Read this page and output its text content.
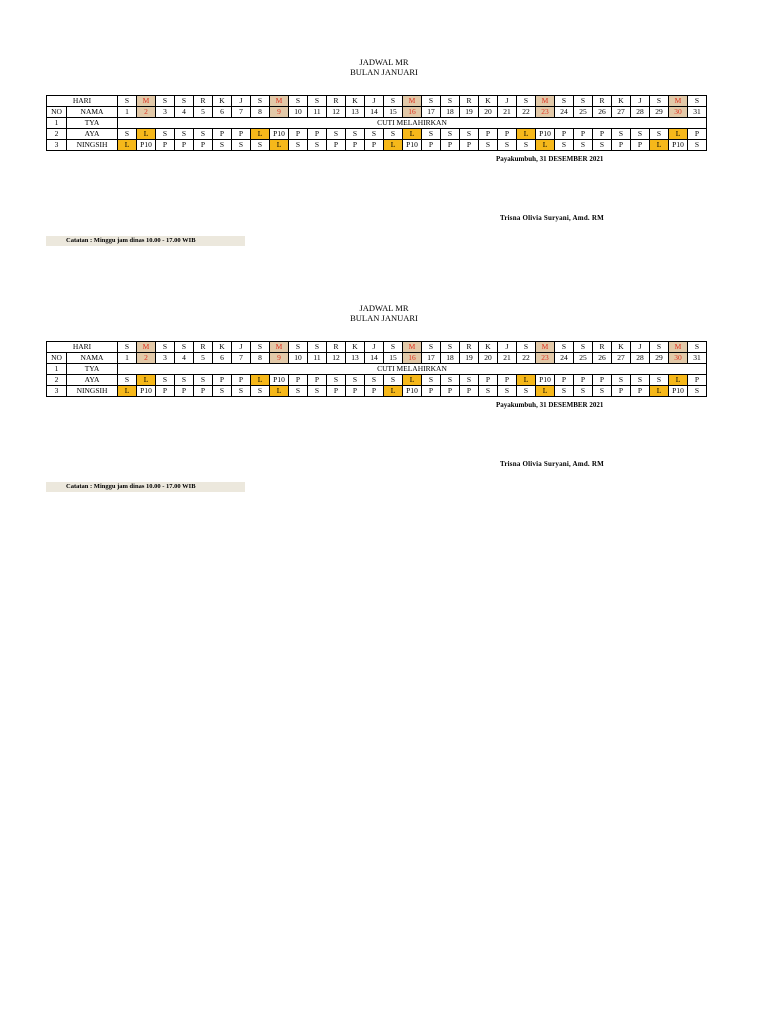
JADWAL MR
BULAN JANUARI
HARI		S	M	S	S	R	K	J	S	M	S	S	R	K	J	S	M	S	S	R	K	J	S	M	S	S	R	K	J	S	M	S
NO	NAMA	1	2	3	4	5	6	7	8	9	10	11	12	13	14	15	16	17	18	19	20	21	22	23	24	25	26	27	28	29	30	31
1	TYA	CUTI MELAHIRKAN																														
2	AYA	S	L	S	S	S	P	P	L	P10	P	P	S	S	S	S	L	S	S	S	P	P	L	P10	P	P	P	S	S	S	L	P
3	NINGSIH	L	P10	P	P	P	S	S	S	L	S	S	P	P	P	L	P10	P	P	P	S	S	S	L	S	S	S	P	P	L	P10	S
Payakumbuh, 31 DESEMBER 2021
Trisna Olivia Suryani, Amd. RM
Catatan : Minggu jam dinas 10.00 - 17.00 WIB
JADWAL MR
BULAN JANUARI
HARI		S	M	S	S	R	K	J	S	M	S	S	R	K	J	S	M	S	S	R	K	J	S	M	S	S	R	K	J	S	M	S
NO	NAMA	1	2	3	4	5	6	7	8	9	10	11	12	13	14	15	16	17	18	19	20	21	22	23	24	25	26	27	28	29	30	31
1	TYA	CUTI MELAHIRKAN																														
2	AYA	S	L	S	S	S	P	P	L	P10	P	P	S	S	S	S	L	S	S	S	P	P	L	P10	P	P	P	S	S	S	L	P
3	NINGSIH	L	P10	P	P	P	S	S	S	L	S	S	P	P	P	L	P10	P	P	P	S	S	S	L	S	S	S	P	P	L	P10	S
Payakumbuh, 31 DESEMBER 2021
Trisna Olivia Suryani, Amd. RM
Catatan : Minggu jam dinas 10.00 - 17.00 WIB
